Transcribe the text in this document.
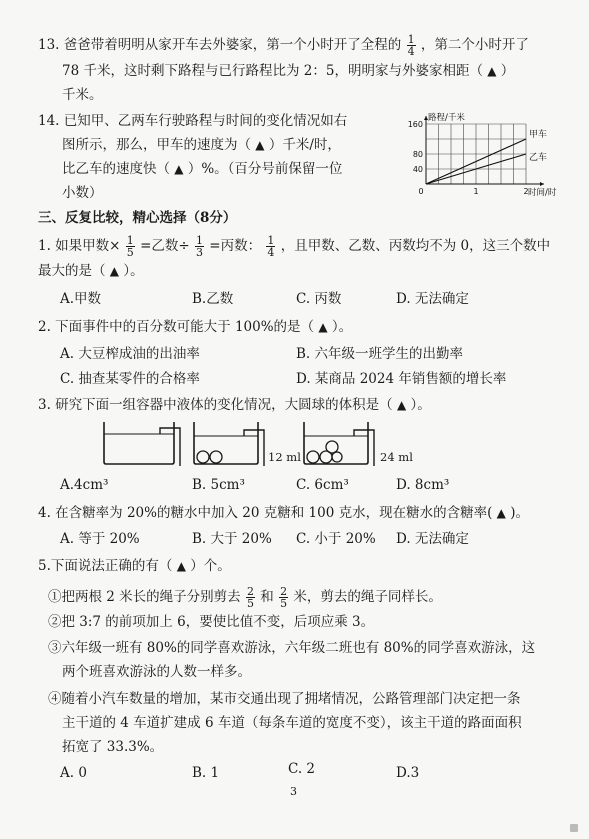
13. 爸爸带着明明从家开车去外婆家，第一个小时开了全程的 $\frac{1}{4}$ ，第二个小时开了
78 千米，这时剩下路程与已行路程比为 2：5，明明家与外婆家相距（ ▲ ）
千米。
14. 已知甲、乙两车行驶路程与时间的变化情况如右
图所示，那么，甲车的速度为（ ▲ ）千米/时，
比乙车的速度快（ ▲ ）%。（百分号前保留一位
小数）
甲车
乙车
160
80
40
0	1	2
路程/千米
时间/时
三、反复比较，精心选择（8分）
1. 如果甲数× $\frac{1}{5}$ =乙数÷ $\frac{1}{3}$ =丙数： $\frac{1}{4}$ ，且甲数、乙数、丙数均不为 0，这三个数中
最大的是（ ▲ ）。
A.甲数	B.乙数	C. 丙数	D. 无法确定
2. 下面事件中的百分数可能大于 100%的是（ ▲ ）。
A. 大豆榨成油的出油率	B. 六年级一班学生的出勤率
C. 抽查某零件的合格率	D. 某商品 2024 年销售额的增长率
3. 研究下面一组容器中液体的变化情况，大圆球的体积是（ ▲ ）。
12 ml	24 ml
A.4cm³	B. 5cm³	C. 6cm³	D. 8cm³
4. 在含糖率为 20%的糖水中加入 20 克糖和 100 克水，现在糖水的含糖率( ▲ )。
A. 等于 20%	B. 大于 20% C. 小于 20% D. 无法确定
5.下面说法正确的有（ ▲ ）个。
①把两根 2 米长的绳子分别剪去 $\frac{2}{5}$ 和 $\frac{2}{5}$ 米，剪去的绳子同样长。
②把 3:7 的前项加上 6，要使比值不变，后项应乘 3。
③六年级一班有 80%的同学喜欢游泳，六年级二班也有 80%的同学喜欢游泳，这
两个班喜欢游泳的人数一样多。
④随着小汽车数量的增加，某市交通出现了拥堵情况，公路管理部门决定把一条
主干道的 4 车道扩建成 6 车道（每条车道的宽度不变），该主干道的路面面积
拓宽了 33.3%。
A. 0	B. 1	C. 2	D.3
3
